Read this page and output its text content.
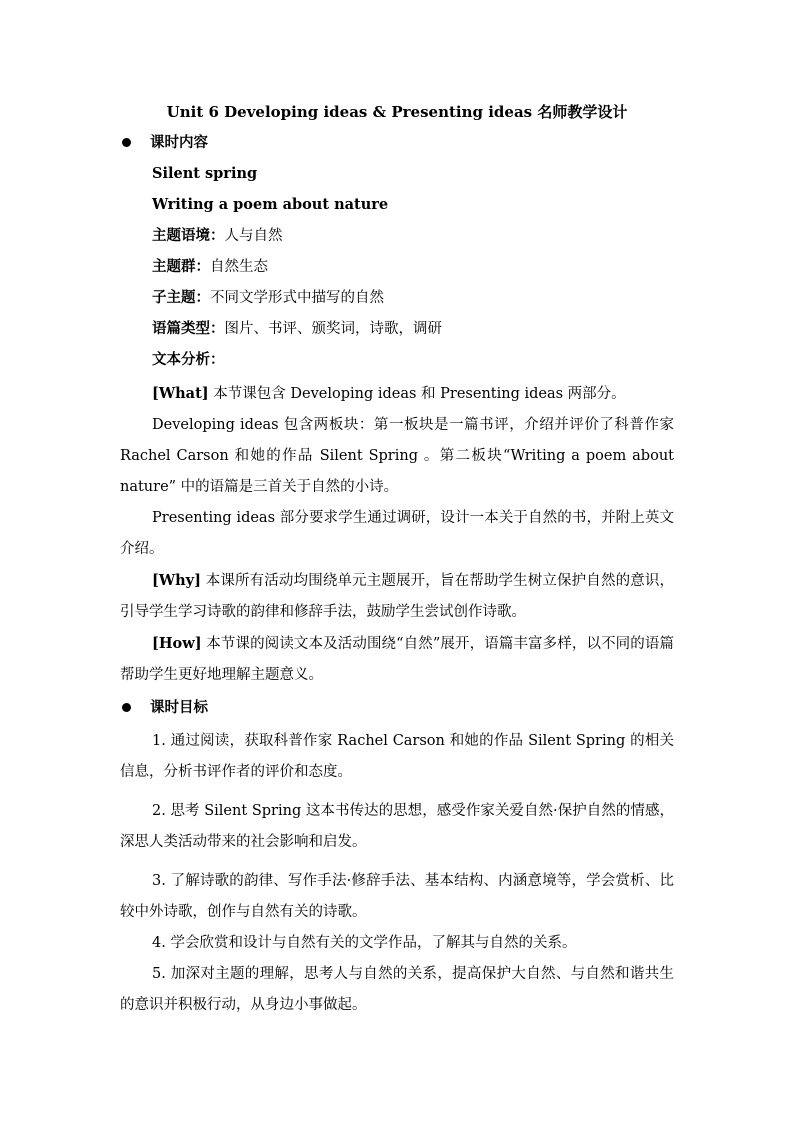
Unit 6 Developing ideas & Presenting ideas 名师教学设计
课时内容
Silent spring
Writing a poem about nature
主题语境：人与自然
主题群：自然生态
子主题：不同文学形式中描写的自然
语篇类型：图片、书评、颁奖词，诗歌，调研
文本分析：

[What] 本节课包含 Developing ideas 和 Presenting ideas 两部分。

Developing ideas 包含两板块：第一板块是一篇书评，介绍并评价了科普作家 Rachel Carson 和她的作品 Silent Spring 。第二板块“Writing a poem about nature” 中的语篇是三首关于自然的小诗。

Presenting ideas 部分要求学生通过调研，设计一本关于自然的书，并附上英文介绍。

[Why] 本课所有活动均围绕单元主题展开，旨在帮助学生树立保护自然的意识，引导学生学习诗歌的韵律和修辞手法，鼓励学生尝试创作诗歌。

[How] 本节课的阅读文本及活动围绕“自然”展开，语篇丰富多样，以不同的语篇帮助学生更好地理解主题意义。

课时目标

1. 通过阅读，获取科普作家 Rachel Carson 和她的作品 Silent Spring 的相关信息，分析书评作者的评价和态度。

2. 思考 Silent Spring 这本书传达的思想，感受作家关爱自然·保护自然的情感，深思人类活动带来的社会影响和启发。

3. 了解诗歌的韵律、写作手法·修辞手法、基本结构、内涵意境等，学会赏析、比较中外诗歌，创作与自然有关的诗歌。

4. 学会欣赏和设计与自然有关的文学作品，了解其与自然的关系。

5. 加深对主题的理解，思考人与自然的关系，提高保护大自然、与自然和谐共生的意识并积极行动，从身边小事做起。
